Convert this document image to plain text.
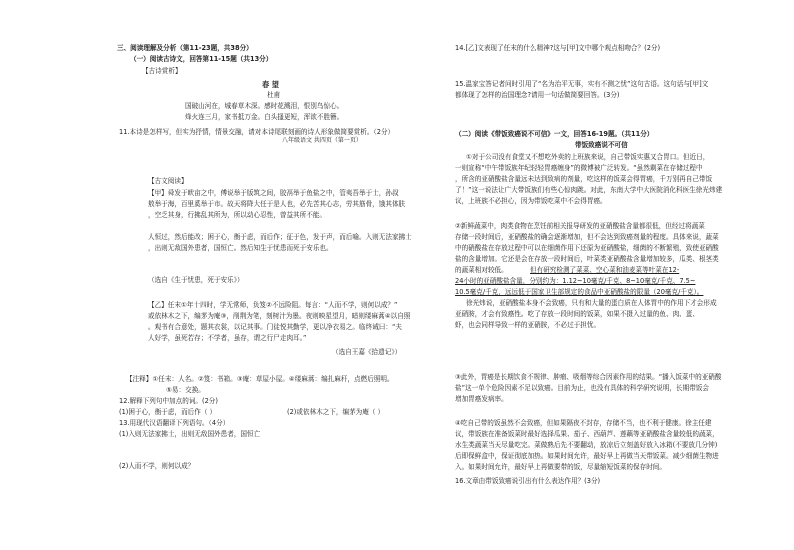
三、阅读理解及分析（第11-23题，共38分）
（一）阅读古诗文，回答第11-15题（共13分）
【古诗赏析】
春 望
杜甫
国破山河在，城春草木深。感时花溅泪，恨别鸟惊心。
烽火连三月，家书抵万金。白头搔更短，浑欲不胜簪。
11.本诗是怎样写，但实为抒情，情景交融，请对本诗尾联刻画的诗人形象做简要赏析。（2分）
八年级语文 共四页（第一页）
【古文阅读】
【甲】舜发于畎亩之中，傅说举于版筑之间，胶鬲举于鱼盐之中，管夷吾举于士，孙叔
敖举于海，百里奚举于市。故天将降大任于是人也，必先苦其心志，劳其筋骨，饿其体肤
，空乏其身，行拂乱其所为，所以动心忍性，曾益其所不能。
人恒过，然后能改；困于心，衡于虑，而后作；征于色，发于声，而后喻。入则无法家拂士
，出则无敌国外患者，国恒亡。然后知生于忧患而死于安乐也。
（选自《生于忧患，死于安乐》）
【乙】任末①年十四时，学无常师，负笈②不远险阻。每言：“人而不学，则何以成？”
或依林木之下，编茅为庵③，削荆为笔，刻树汁为墨。夜则映星望月，暗则缕麻蒿④以自照
。观书有合意处，题其衣裳，以记其事。门徒悦其勤学，更以净衣易之。临终诫曰：“夫
人好学，虽死若存；不学者，虽存，谓之行尸走肉耳。”
（选自王嘉《拾遗记》）
【注释】①任末：人名。②笈：书箱。③庵：草屋小屋。④缕麻蒿：编扎麻秆，点燃后照明。
⑤易：交换。
12.解释下列句中加点的词。(2分)
(1)困于心，衡于虑，而后作（ ）	(2)或依林木之下，编茅为庵（ ）
13.用现代汉语翻译下列语句。（4分）
(1)入则无法家拂士，出则无敌国外患者，国恒亡
(2)人而不学，则何以成？
14.[乙]文表现了任末的什么精神?这与[甲]文中哪个观点相吻合？(2分)
15.温家宝答记者问时引用了“名为治平无事，实有不测之忧”这句古语。这句话与[甲]文
都体现了怎样的治国理念?请用一句话做简要回答。(3分)
（二）阅读《带饭致癌说不可信》一文，回答16-19题。（共11分）
带饭致癌说不可信
①对于公司没有食堂又不想吃外卖的上班族来说，自己带饭实惠又合胃口。但近日，
一则宣称“中午带饭族年纪轻轻胃癌缠身”的微博被广泛转发。“虽然剩菜在存储过程中
，所含的亚硝酸盐含量远未达到致病的剂量，吃这样的饭菜会得胃癌，千万别再自己带饭
了！”这一说法让广大带饭族们有些心惊肉跳。对此，东南大学中大医院消化科医生徐光炜建
议，上班族不必担心，因为带饭吃菜中不会得胃癌。
②新鲜蔬菜中，肉类食物在烹饪前相关报导研发的亚硝酸盐含量都很低，但经过将蔬菜
存储一段时间后，亚硝酸盐的确会逐渐增加，但不会达到致癌剂量的程度。具体来说，蔬菜
中的硝酸盐在存放过程中可以在细菌作用下还原为亚硝酸盐，细菌的不断繁殖，致使亚硝酸
盐的含量增加。它还是会在存放一段时间后，叶菜类亚硝酸盐含量增加较多，瓜类、根茎类
的蔬菜相对较低。	但有研究检测了菜菜、空心菜和油麦菜等叶菜在12-
24小时的亚硝酸盐含量，分别约为：1.12~10毫克/千克、8~10毫克/千克、7.5~
10.5毫克/千克，远远低于国家卫生部规定的食品中亚硝酸盐的限量（20毫克/千克）。
徐光炜说，亚硝酸盐本身不会致癌，只有和大量的蛋白质在人体胃中的作用下才会形成
亚硝胺，才会有致癌性。吃了存放一段时间的饭菜，如果不摄入过量的鱼、肉、蛋、
虾，也会同样导致一样的亚硝胺，不必过于担忧。
③此外，胃癌是长期饮食不规律、肿瘤、吸烟等综合因素作用的结果。“播入饭菜中的亚硝酸
盐”这一单个危险因素不足以致癌。目前为止，也没有具体的科学研究说明，长期带饭会
增加胃癌发病率。
④吃自己带的饭虽然不会致癌，但如果隔夜不封存，存储不当，也不利于健康。徐主任建
议，带饭族在准备饭菜时最好选择瓜果、茄子、西葫芦、莲藕等亚硝酸盐含量较低的蔬菜，
水生类蔬菜当天尽量吃完。菜做熟后先不要翻动，放凉后立刻盖好放入冰箱(不要放几分钟)
后即保鲜盒中，保证彻底加热。如果时间允许，最好早上再做当天带饭菜。减少细菌生物进
入。如果时间允许，最好早上再做要带的饭，尽量缩短饭菜的保存时间。
16.文章由带饭致癌说引出有什么表达作用？(3分)
